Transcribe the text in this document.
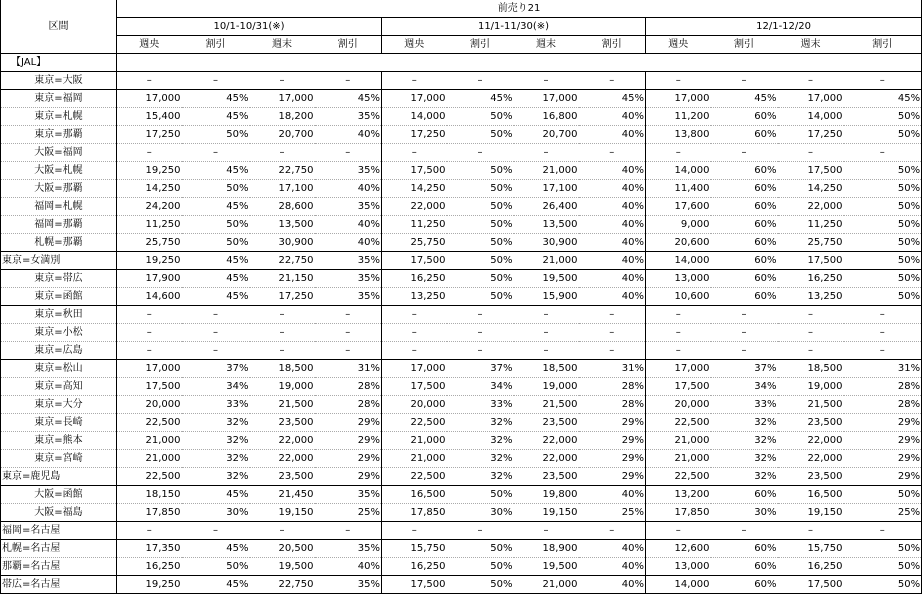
区間	前売り21											
	10/1-10/31(※)				11/1-11/30(※)				12/1-12/20			
	週央	割引	週末	割引	週央	割引	週末	割引	週央	割引	週末	割引
【JAL】												
東京=大阪	–	–	–	–	–	–	–	–	–	–	–	–
東京=福岡	17,000	45%	17,000	45%	17,000	45%	17,000	45%	17,000	45%	17,000	45%
東京=札幌	15,400	45%	18,200	35%	14,000	50%	16,800	40%	11,200	60%	14,000	50%
東京=那覇	17,250	50%	20,700	40%	17,250	50%	20,700	40%	13,800	60%	17,250	50%
大阪=福岡	–	–	–	–	–	–	–	–	–	–	–	–
大阪=札幌	19,250	45%	22,750	35%	17,500	50%	21,000	40%	14,000	60%	17,500	50%
大阪=那覇	14,250	50%	17,100	40%	14,250	50%	17,100	40%	11,400	60%	14,250	50%
福岡=札幌	24,200	45%	28,600	35%	22,000	50%	26,400	40%	17,600	60%	22,000	50%
福岡=那覇	11,250	50%	13,500	40%	11,250	50%	13,500	40%	9,000	60%	11,250	50%
札幌=那覇	25,750	50%	30,900	40%	25,750	50%	30,900	40%	20,600	60%	25,750	50%
東京=女満別	19,250	45%	22,750	35%	17,500	50%	21,000	40%	14,000	60%	17,500	50%
東京=帯広	17,900	45%	21,150	35%	16,250	50%	19,500	40%	13,000	60%	16,250	50%
東京=函館	14,600	45%	17,250	35%	13,250	50%	15,900	40%	10,600	60%	13,250	50%
東京=秋田	–	–	–	–	–	–	–	–	–	–	–	–
東京=小松	–	–	–	–	–	–	–	–	–	–	–	–
東京=広島	–	–	–	–	–	–	–	–	–	–	–	–
東京=松山	17,000	37%	18,500	31%	17,000	37%	18,500	31%	17,000	37%	18,500	31%
東京=高知	17,500	34%	19,000	28%	17,500	34%	19,000	28%	17,500	34%	19,000	28%
東京=大分	20,000	33%	21,500	28%	20,000	33%	21,500	28%	20,000	33%	21,500	28%
東京=長崎	22,500	32%	23,500	29%	22,500	32%	23,500	29%	22,500	32%	23,500	29%
東京=熊本	21,000	32%	22,000	29%	21,000	32%	22,000	29%	21,000	32%	22,000	29%
東京=宮崎	21,000	32%	22,000	29%	21,000	32%	22,000	29%	21,000	32%	22,000	29%
東京=鹿児島	22,500	32%	23,500	29%	22,500	32%	23,500	29%	22,500	32%	23,500	29%
大阪=函館	18,150	45%	21,450	35%	16,500	50%	19,800	40%	13,200	60%	16,500	50%
大阪=福島	17,850	30%	19,150	25%	17,850	30%	19,150	25%	17,850	30%	19,150	25%
福岡=名古屋	–	–	–	–	–	–	–	–	–	–	–	–
札幌=名古屋	17,350	45%	20,500	35%	15,750	50%	18,900	40%	12,600	60%	15,750	50%
那覇=名古屋	16,250	50%	19,500	40%	16,250	50%	19,500	40%	13,000	60%	16,250	50%
帯広=名古屋	19,250	45%	22,750	35%	17,500	50%	21,000	40%	14,000	60%	17,500	50%
